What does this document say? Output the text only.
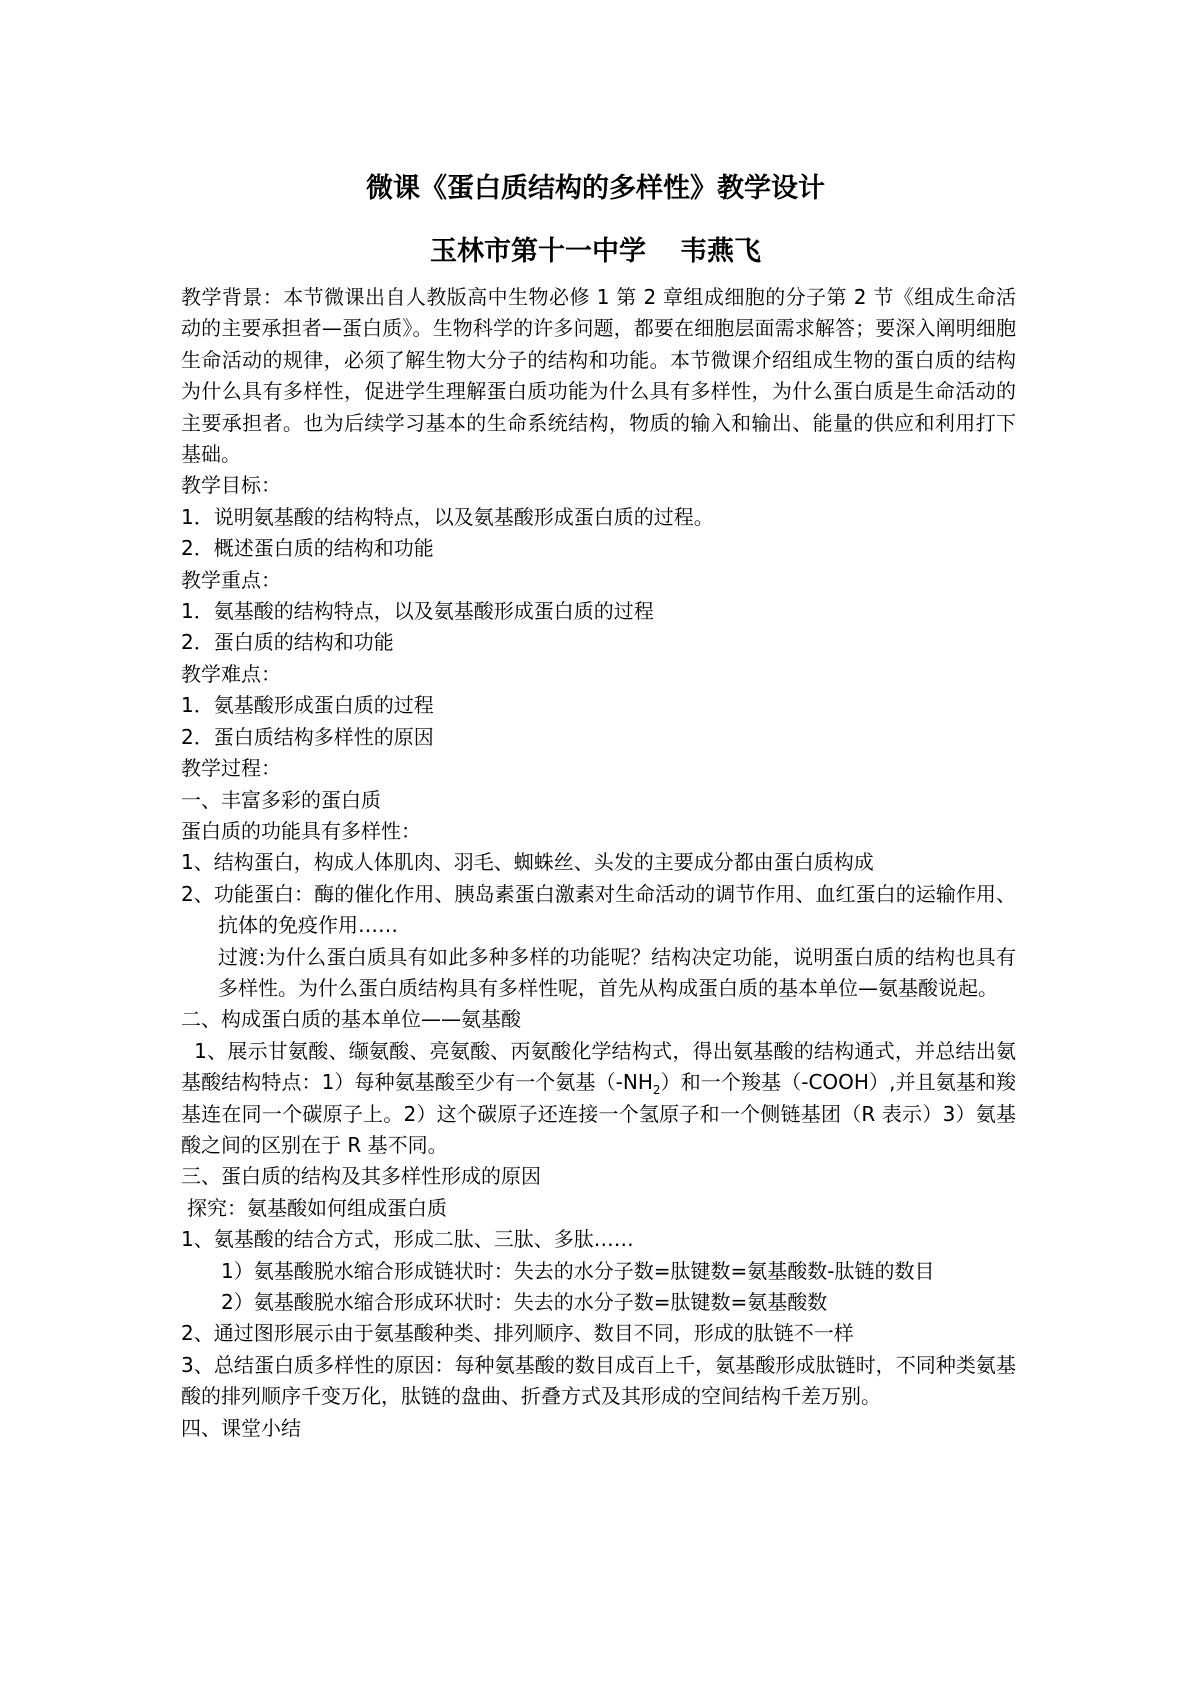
微课《蛋白质结构的多样性》教学设计
玉林市第十一中学 韦燕飞

教学背景：本节微课出自人教版高中生物必修 1 第 2 章组成细胞的分子第 2 节《组成生命活动的主要承担者—蛋白质》。生物科学的许多问题，都要在细胞层面需求解答；要深入阐明细胞生命活动的规律，必须了解生物大分子的结构和功能。本节微课介绍组成生物的蛋白质的结构为什么具有多样性，促进学生理解蛋白质功能为什么具有多样性，为什么蛋白质是生命活动的主要承担者。也为后续学习基本的生命系统结构，物质的输入和输出、能量的供应和利用打下基础。

教学目标：

1．说明氨基酸的结构特点，以及氨基酸形成蛋白质的过程。

2．概述蛋白质的结构和功能

教学重点：

1．氨基酸的结构特点，以及氨基酸形成蛋白质的过程

2．蛋白质的结构和功能

教学难点：

1．氨基酸形成蛋白质的过程

2．蛋白质结构多样性的原因

教学过程：

一、丰富多彩的蛋白质

蛋白质的功能具有多样性：

1、结构蛋白，构成人体肌肉、羽毛、蜘蛛丝、头发的主要成分都由蛋白质构成

2、功能蛋白：酶的催化作用、胰岛素蛋白激素对生命活动的调节作用、血红蛋白的运输作用、抗体的免疫作用……

过渡:为什么蛋白质具有如此多种多样的功能呢？结构决定功能，说明蛋白质的结构也具有多样性。为什么蛋白质结构具有多样性呢，首先从构成蛋白质的基本单位—氨基酸说起。

二、构成蛋白质的基本单位——氨基酸

1、展示甘氨酸、缬氨酸、亮氨酸、丙氨酸化学结构式，得出氨基酸的结构通式，并总结出氨基酸结构特点：1）每种氨基酸至少有一个氨基$(-NH_2)$和一个羧基（-COOH）,并且氨基和羧基连在同一个碳原子上。2）这个碳原子还连接一个氢原子和一个侧链基团（R 表示）3）氨基酸之间的区别在于 R 基不同。

三、蛋白质的结构及其多样性形成的原因

探究：氨基酸如何组成蛋白质

1、氨基酸的结合方式，形成二肽、三肽、多肽……

1）氨基酸脱水缩合形成链状时：失去的水分子数=肽键数=氨基酸数-肽链的数目

2）氨基酸脱水缩合形成环状时：失去的水分子数=肽键数=氨基酸数

2、通过图形展示由于氨基酸种类、排列顺序、数目不同，形成的肽链不一样

3、总结蛋白质多样性的原因：每种氨基酸的数目成百上千，氨基酸形成肽链时，不同种类氨基酸的排列顺序千变万化，肽链的盘曲、折叠方式及其形成的空间结构千差万别。

四、课堂小结
